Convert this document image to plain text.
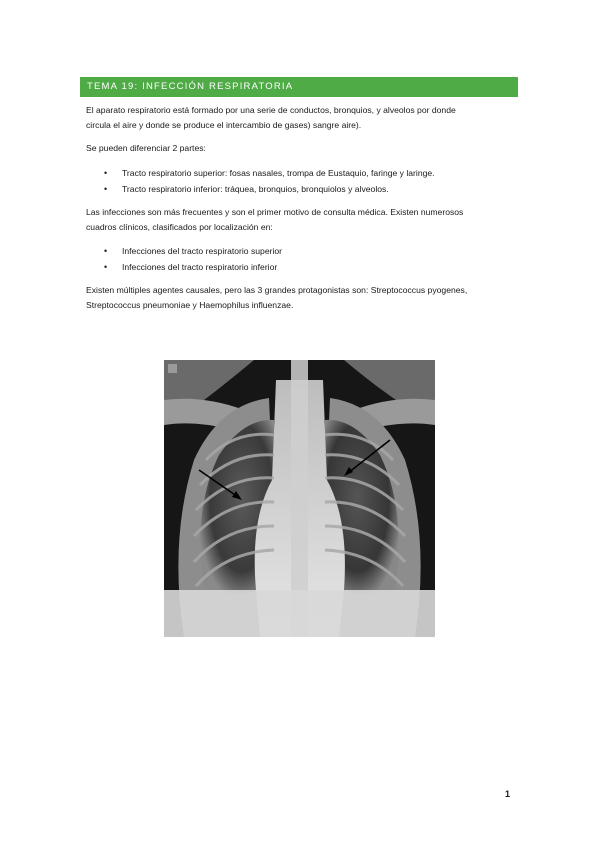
TEMA 19: INFECCIÓN RESPIRATORIA
El aparato respiratorio está formado por una serie de conductos, bronquios, y alveolos por donde
circula el aire y donde se produce el intercambio de gases) sangre aire).
Se pueden diferenciar 2 partes:
• Tracto respiratorio superior: fosas nasales, trompa de Eustaquio, faringe y laringe.
• Tracto respiratorio inferior: tráquea, bronquios, bronquiolos y alveolos.
Las infecciones son más frecuentes y son el primer motivo de consulta médica. Existen numerosos
cuadros clínicos, clasificados por localización en:
• Infecciones del tracto respiratorio superior
• Infecciones del tracto respiratorio inferior
Existen múltiples agentes causales, pero las 3 grandes protagonistas son: Streptococcus pyogenes,
Streptococcus pneumoniae y Haemophilus influenzae.
1
